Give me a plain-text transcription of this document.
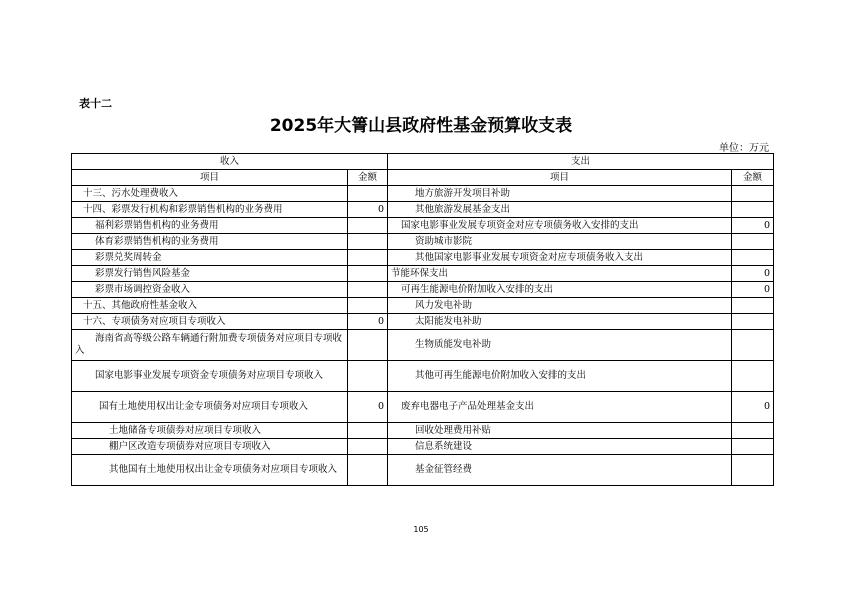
表十二
2025年大箐山县政府性基金预算收支表
单位：万元
收入		支出	
项目	金额	项目	金额
十三、污水处理费收入		地方旅游开发项目补助	
十四、彩票发行机构和彩票销售机构的业务费用	0	其他旅游发展基金支出	
福利彩票销售机构的业务费用		国家电影事业发展专项资金对应专项债务收入安排的支出	0
体育彩票销售机构的业务费用		资助城市影院	
彩票兑奖周转金		其他国家电影事业发展专项资金对应专项债务收入支出	
彩票发行销售风险基金		节能环保支出	0
彩票市场调控资金收入		可再生能源电价附加收入安排的支出	0
十五、其他政府性基金收入		风力发电补助	
十六、专项债务对应项目专项收入	0	太阳能发电补助	
海南省高等级公路车辆通行附加费专项债务对应项目专项收入		生物质能发电补助	
国家电影事业发展专项资金专项债务对应项目专项收入		其他可再生能源电价附加收入安排的支出	
国有土地使用权出让金专项债务对应项目专项收入	0	废弃电器电子产品处理基金支出	0
土地储备专项债券对应项目专项收入		回收处理费用补贴	
棚户区改造专项债券对应项目专项收入		信息系统建设	
其他国有土地使用权出让金专项债务对应项目专项收入		基金征管经费	
105
